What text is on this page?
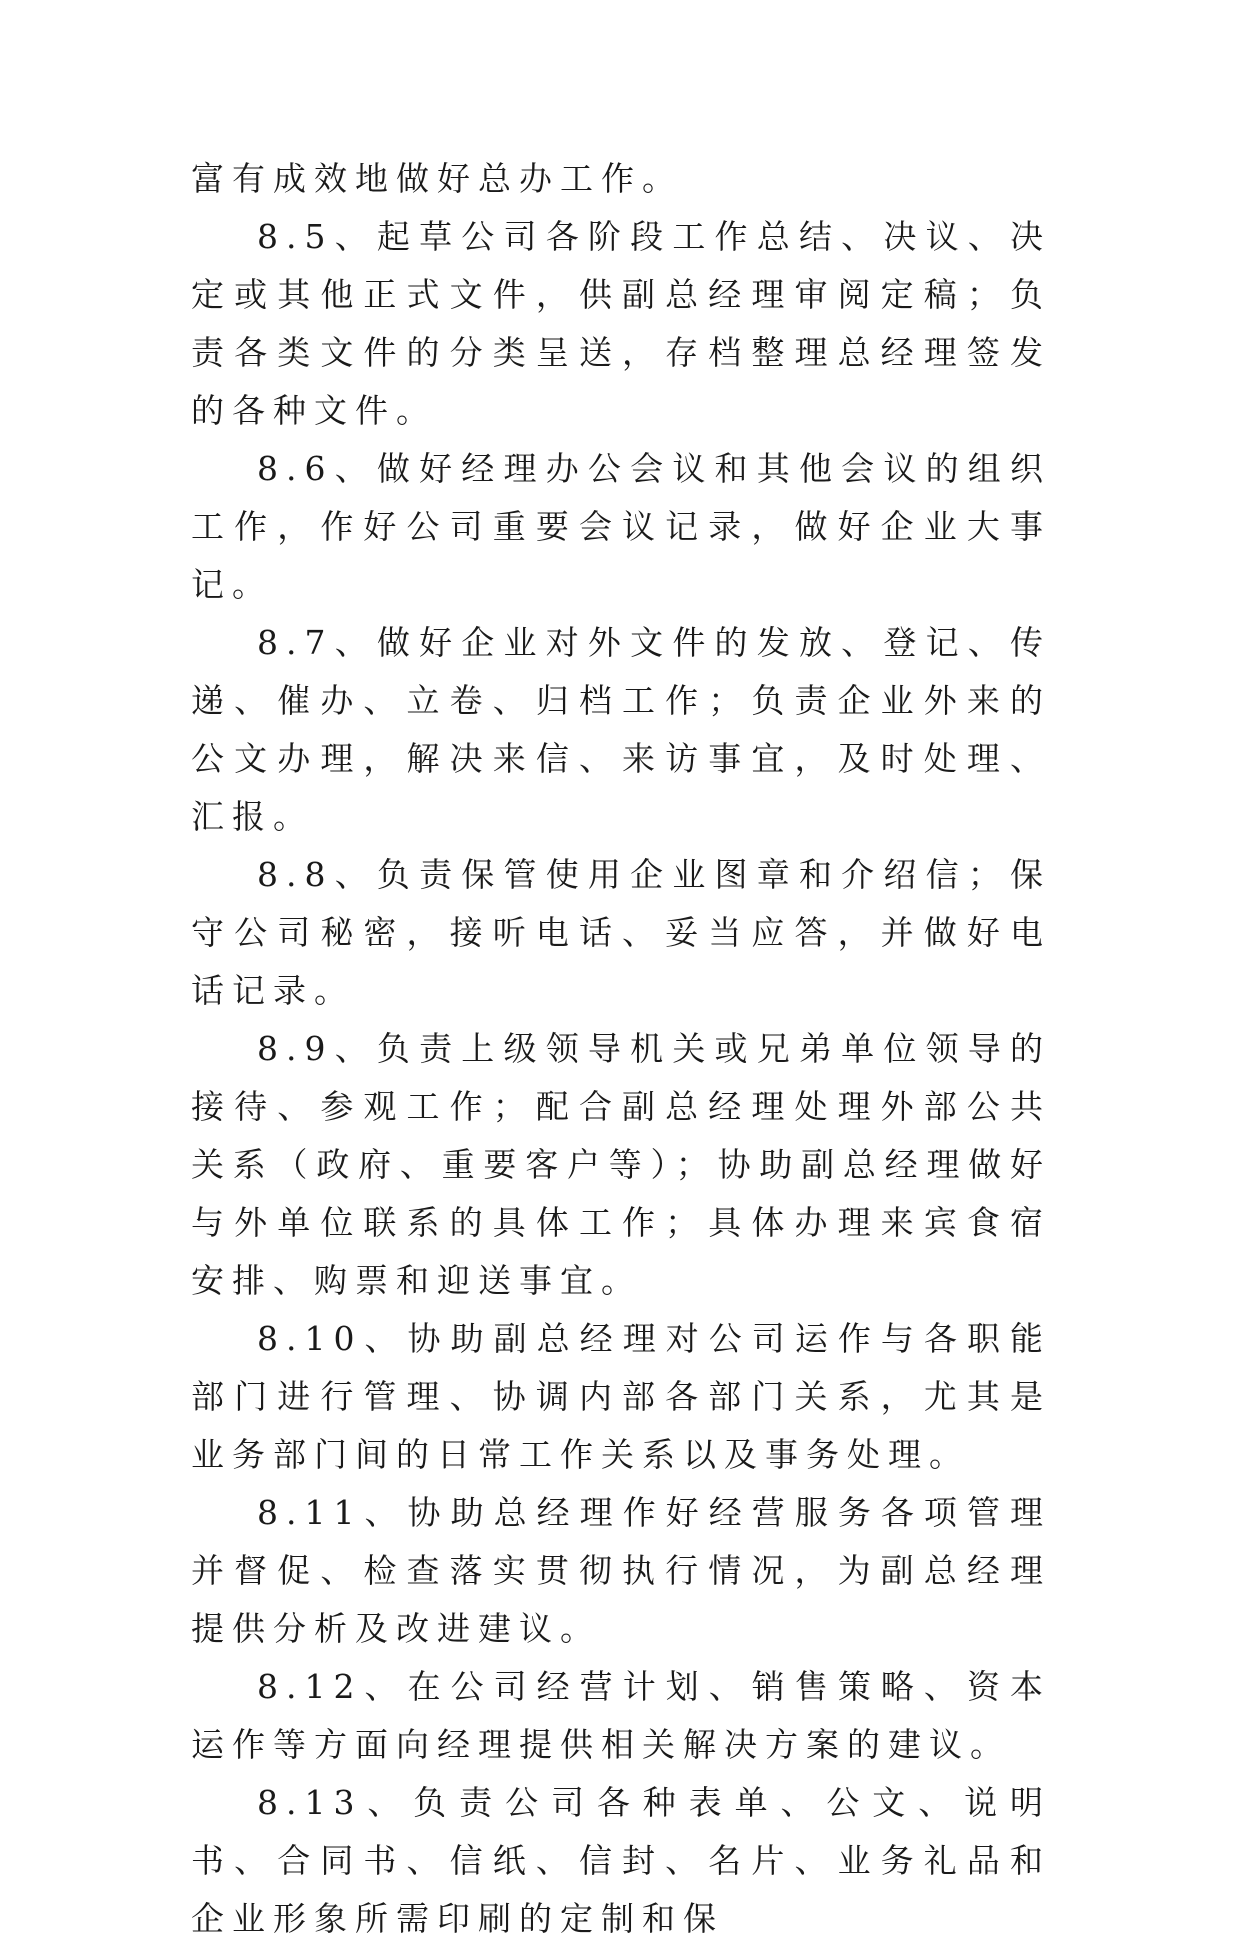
富有成效地做好总办工作。

8.5、起草公司各阶段工作总结、决议、决定或其他正式文件，供副总经理审阅定稿；负责各类文件的分类呈送，存档整理总经理签发的各种文件。

8.6、做好经理办公会议和其他会议的组织工作，作好公司重要会议记录，做好企业大事记。

8.7、做好企业对外文件的发放、登记、传递、催办、立卷、归档工作；负责企业外来的公文办理，解决来信、来访事宜，及时处理、汇报。

8.8、负责保管使用企业图章和介绍信；保守公司秘密，接听电话、妥当应答，并做好电话记录。

8.9、负责上级领导机关或兄弟单位领导的接待、参观工作；配合副总经理处理外部公共关系（政府、重要客户等）；协助副总经理做好与外单位联系的具体工作；具体办理来宾食宿安排、购票和迎送事宜。

8.10、协助副总经理对公司运作与各职能部门进行管理、协调内部各部门关系，尤其是业务部门间的日常工作关系以及事务处理。

8.11、协助总经理作好经营服务各项管理并督促、检查落实贯彻执行情况，为副总经理提供分析及改进建议。

8.12、在公司经营计划、销售策略、资本运作等方面向经理提供相关解决方案的建议。

8.13、负责公司各种表单、公文、说明书、合同书、信纸、信封、名片、业务礼品和企业形象所需印刷的定制和保
